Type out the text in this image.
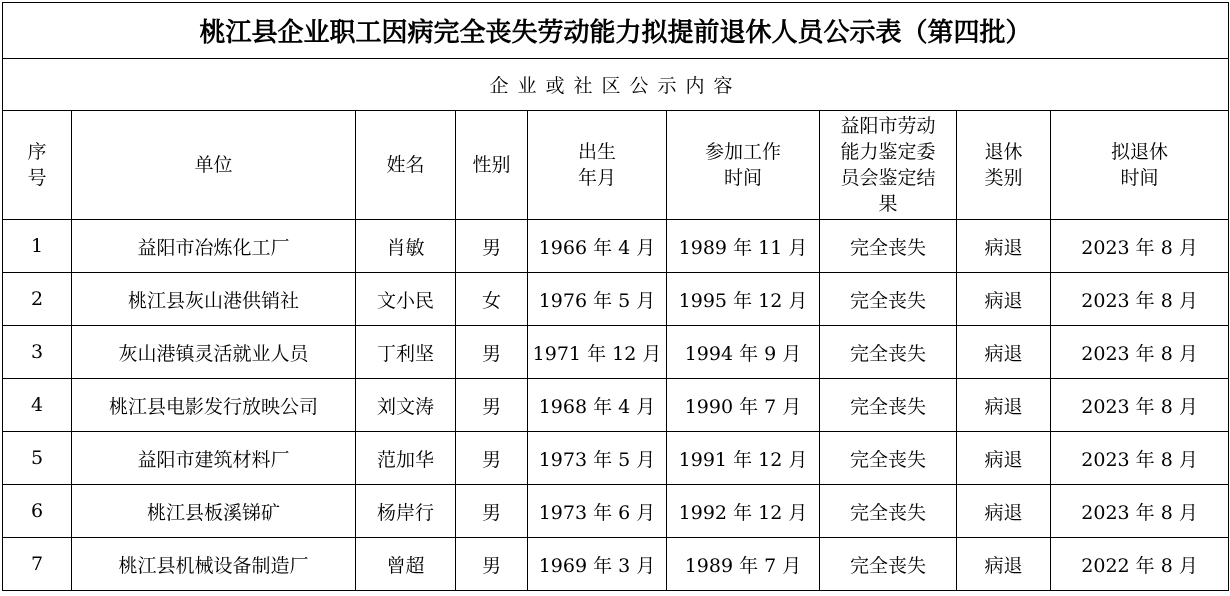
桃江县企业职工因病完全丧失劳动能力拟提前退休人员公示表（第四批）								
企业或社区公示内容								
序号	单位	姓名	性别	出生年月	参加工作时间	益阳市劳动能力鉴定委员会鉴定结果	退休类别	拟退休时间
1	益阳市冶炼化工厂	肖敏	男	1966 年 4 月	1989 年 11 月	完全丧失	病退	2023 年 8 月
2	桃江县灰山港供销社	文小民	女	1976 年 5 月	1995 年 12 月	完全丧失	病退	2023 年 8 月
3	灰山港镇灵活就业人员	丁利坚	男	1971 年 12 月	1994 年 9 月	完全丧失	病退	2023 年 8 月
4	桃江县电影发行放映公司	刘文涛	男	1968 年 4 月	1990 年 7 月	完全丧失	病退	2023 年 8 月
5	益阳市建筑材料厂	范加华	男	1973 年 5 月	1991 年 12 月	完全丧失	病退	2023 年 8 月
6	桃江县板溪锑矿	杨岸行	男	1973 年 6 月	1992 年 12 月	完全丧失	病退	2023 年 8 月
7	桃江县机械设备制造厂	曾超	男	1969 年 3 月	1989 年 7 月	完全丧失	病退	2022 年 8 月
